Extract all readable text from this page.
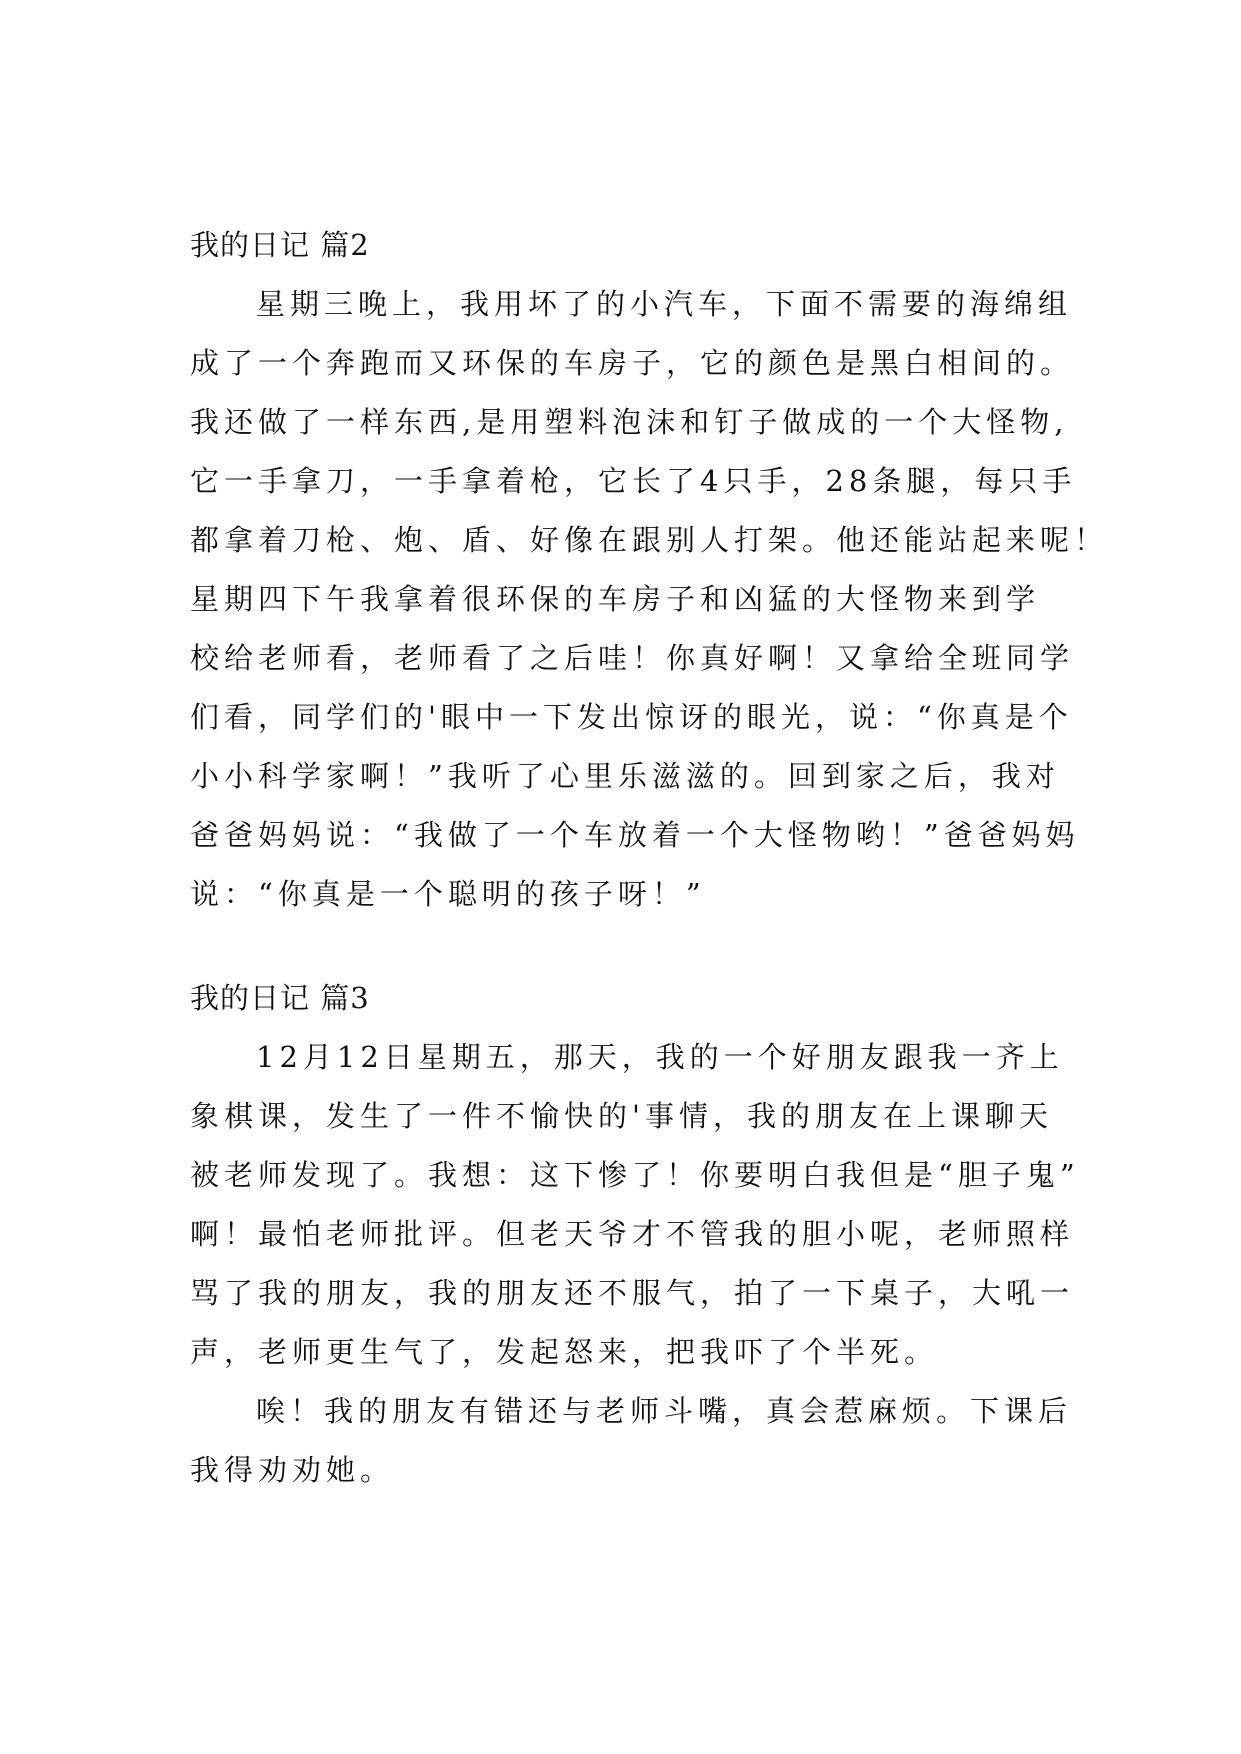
我的日记 篇2
星期三晚上，我用坏了的小汽车，下面不需要的海绵组
成了一个奔跑而又环保的车房子，它的颜色是黑白相间的。
我还做了一样东西,是用塑料泡沫和钉子做成的一个大怪物,
它一手拿刀，一手拿着枪，它长了4只手，28条腿，每只手
都拿着刀枪、炮、盾、好像在跟别人打架。他还能站起来呢！
星期四下午我拿着很环保的车房子和凶猛的大怪物来到学
校给老师看，老师看了之后哇！你真好啊！又拿给全班同学
们看，同学们的'眼中一下发出惊讶的眼光，说：“你真是个
小小科学家啊！”我听了心里乐滋滋的。回到家之后，我对
爸爸妈妈说：“我做了一个车放着一个大怪物哟！”爸爸妈妈
说：“你真是一个聪明的孩子呀！”
我的日记 篇3
12月12日星期五，那天，我的一个好朋友跟我一齐上
象棋课，发生了一件不愉快的'事情，我的朋友在上课聊天
被老师发现了。我想：这下惨了！你要明白我但是“胆子鬼”
啊！最怕老师批评。但老天爷才不管我的胆小呢，老师照样
骂了我的朋友，我的朋友还不服气，拍了一下桌子，大吼一
声，老师更生气了，发起怒来，把我吓了个半死。
唉！我的朋友有错还与老师斗嘴，真会惹麻烦。下课后
我得劝劝她。
